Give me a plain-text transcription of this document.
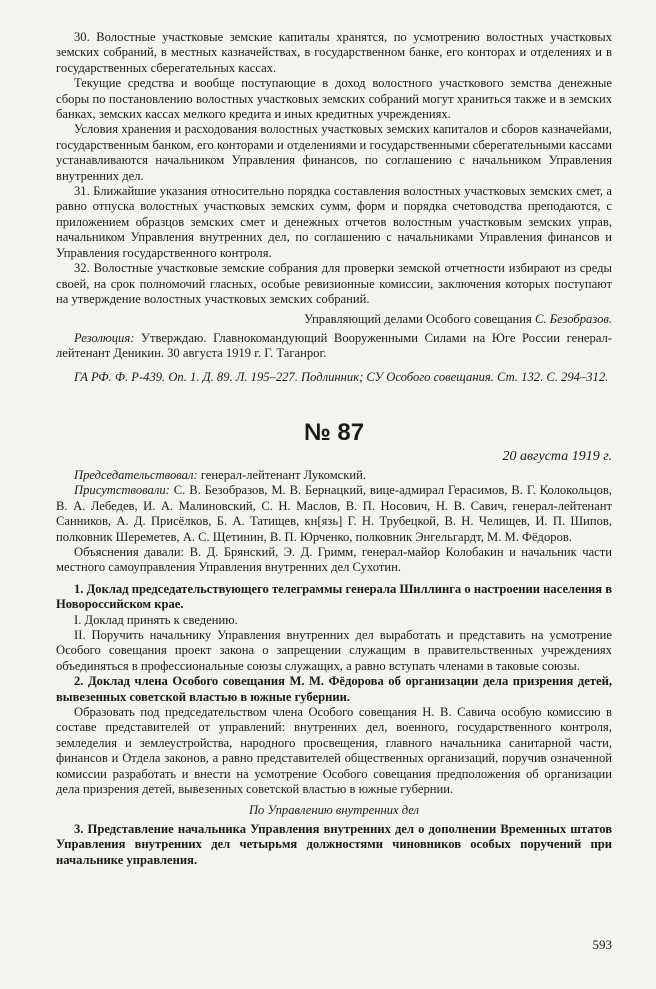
30. Волостные участковые земские капиталы хранятся, по усмотрению волостных участковых земских собраний, в местных казначействах, в государственном банке, его конторах и отделениях и в государственных сберегательных кассах.

Текущие средства и вообще поступающие в доход волостного участкового земства денежные сборы по постановлению волостных участковых земских собраний могут храниться также и в земских банках, земских кассах мелкого кредита и иных кредитных учреждениях.

Условия хранения и расходования волостных участковых земских капиталов и сборов казначейами, государственным банком, его конторами и отделениями и государственными сберегательными кассами устанавливаются начальником Управления финансов, по соглашению с начальником Управления внутренних дел.

31. Ближайшие указания относительно порядка составления волостных участковых земских смет, а равно отпуска волостных участковых земских сумм, форм и порядка счетоводства преподаются, с приложением образцов земских смет и денежных отчетов волостным участковым земских управ, начальником Управления внутренних дел, по соглашению с начальниками Управления финансов и Управления государственного контроля.

32. Волостные участковые земские собрания для проверки земской отчетности избирают из среды своей, на срок полномочий гласных, особые ревизионные комиссии, заключения которых поступают на утверждение волостных участковых земских собраний.

Управляющий делами Особого совещания С. Безобразов.

Резолюция: Утверждаю. Главнокомандующий Вооруженными Силами на Юге России генерал-лейтенант Деникин. 30 августа 1919 г. Г. Таганрог.

ГА РФ. Ф. Р-439. Оп. 1. Д. 89. Л. 195–227. Подлинник; СУ Особого совещания. Ст. 132. С. 294–312.

№ 87
20 августа 1919 г.

Председательствовал: генерал-лейтенант Лукомский.

Присутствовали: С. В. Безобразов, М. В. Бернацкий, вице-адмирал Герасимов, В. Г. Колокольцов, В. А. Лебедев, И. А. Малиновский, С. Н. Маслов, В. П. Носович, Н. В. Савич, генерал-лейтенант Санников, А. Д. Присёлков, Б. А. Татищев, кн[язь] Г. Н. Трубецкой, В. Н. Челищев, И. П. Шипов, полковник Шереметев, А. С. Щетинин, В. П. Юрченко, полковник Энгельгардт, М. М. Фёдоров.

Объяснения давали: В. Д. Брянский, Э. Д. Гримм, генерал-майор Колобакин и начальник части местного самоуправления Управления внутренних дел Сухотин.

1. Доклад председательствующего телеграммы генерала Шиллинга о настроении населения в Новороссийском крае.

I. Доклад принять к сведению.

II. Поручить начальнику Управления внутренних дел выработать и представить на усмотрение Особого совещания проект закона о запрещении служащим в правительственных учреждениях объединяться в профессиональные союзы служащих, а равно вступать членами в таковые союзы.

2. Доклад члена Особого совещания М. М. Фёдорова об организации дела призрения детей, вывезенных советской властью в южные губернии.

Образовать под председательством члена Особого совещания Н. В. Савича особую комиссию в составе представителей от управлений: внутренних дел, военного, государственного контроля, земледелия и землеустройства, народного просвещения, главного начальника санитарной части, финансов и Отдела законов, а равно представителей общественных организаций, поручив означенной комиссии разработать и внести на усмотрение Особого совещания предположения об организации дела призрения детей, вывезенных советской властью в южные губернии.

По Управлению внутренних дел

3. Представление начальника Управления внутренних дел о дополнении Временных штатов Управления внутренних дел четырьмя должностями чиновников особых поручений при начальнике управления.

593
